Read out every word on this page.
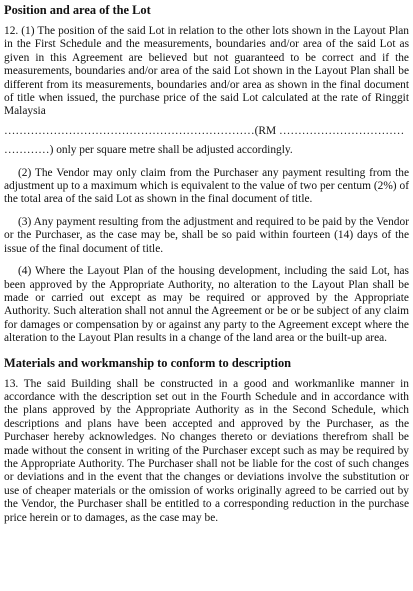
Position and area of the Lot

12. (1) The position of the said Lot in relation to the other lots shown in the Layout Plan in the First Schedule and the measurements, boundaries and/or area of the said Lot as given in this Agreement are believed but not guaranteed to be correct and if the measurements, boundaries and/or area of the said Lot shown in the Layout Plan shall be different from its measurements, boundaries and/or area as shown in the final document of title when issued, the purchase price of the said Lot calculated at the rate of Ringgit Malaysia

…………………………………………………………(RM ……………………………
…………) only per square metre shall be adjusted accordingly.

(2) The Vendor may only claim from the Purchaser any payment resulting from the adjustment up to a maximum which is equivalent to the value of two per centum (2%) of the total area of the said Lot as shown in the final document of title.

(3) Any payment resulting from the adjustment and required to be paid by the Vendor or the Purchaser, as the case may be, shall be so paid within fourteen (14) days of the issue of the final document of title.

(4) Where the Layout Plan of the housing development, including the said Lot, has been approved by the Appropriate Authority, no alteration to the Layout Plan shall be made or carried out except as may be required or approved by the Appropriate Authority. Such alteration shall not annul the Agreement or be or be subject of any claim for damages or compensation by or against any party to the Agreement except where the alteration to the Layout Plan results in a change of the land area or the built-up area.

Materials and workmanship to conform to description

13. The said Building shall be constructed in a good and workmanlike manner in accordance with the description set out in the Fourth Schedule and in accordance with the plans approved by the Appropriate Authority as in the Second Schedule, which descriptions and plans have been accepted and approved by the Purchaser, as the Purchaser hereby acknowledges. No changes thereto or deviations therefrom shall be made without the consent in writing of the Purchaser except such as may be required by the Appropriate Authority. The Purchaser shall not be liable for the cost of such changes or deviations and in the event that the changes or deviations involve the substitution or use of cheaper materials or the omission of works originally agreed to be carried out by the Vendor, the Purchaser shall be entitled to a corresponding reduction in the purchase price herein or to damages, as the case may be.
